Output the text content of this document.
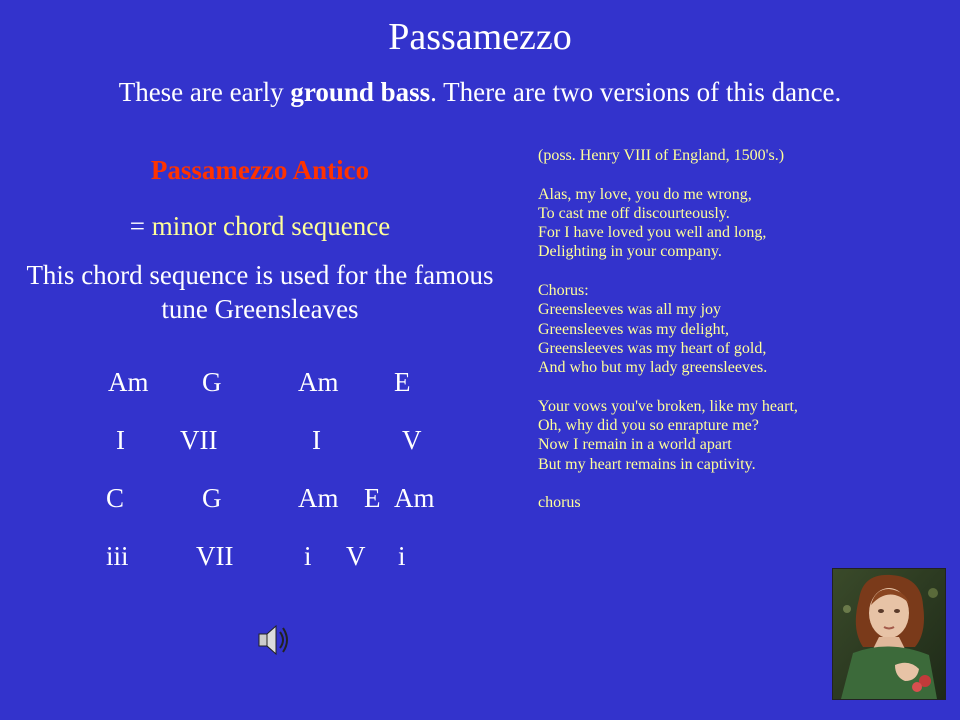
Passamezzo
These are early ground bass. There are two versions of this dance.
Passamezzo Antico
= minor chord sequence
This chord sequence is used for the famous tune Greensleaves
Am G	Am E
I VII	I	V
C	G	Am E Am
iii VII	i V i
(poss. Henry VIII of England, 1500's.)

Alas, my love, you do me wrong,
To cast me off discourteously.
For I have loved you well and long,
Delighting in your company.

Chorus:
Greensleeves was all my joy
Greensleeves was my delight,
Greensleeves was my heart of gold,
And who but my lady greensleeves.

Your vows you've broken, like my heart,
Oh, why did you so enrapture me?
Now I remain in a world apart
But my heart remains in captivity.

chorus
